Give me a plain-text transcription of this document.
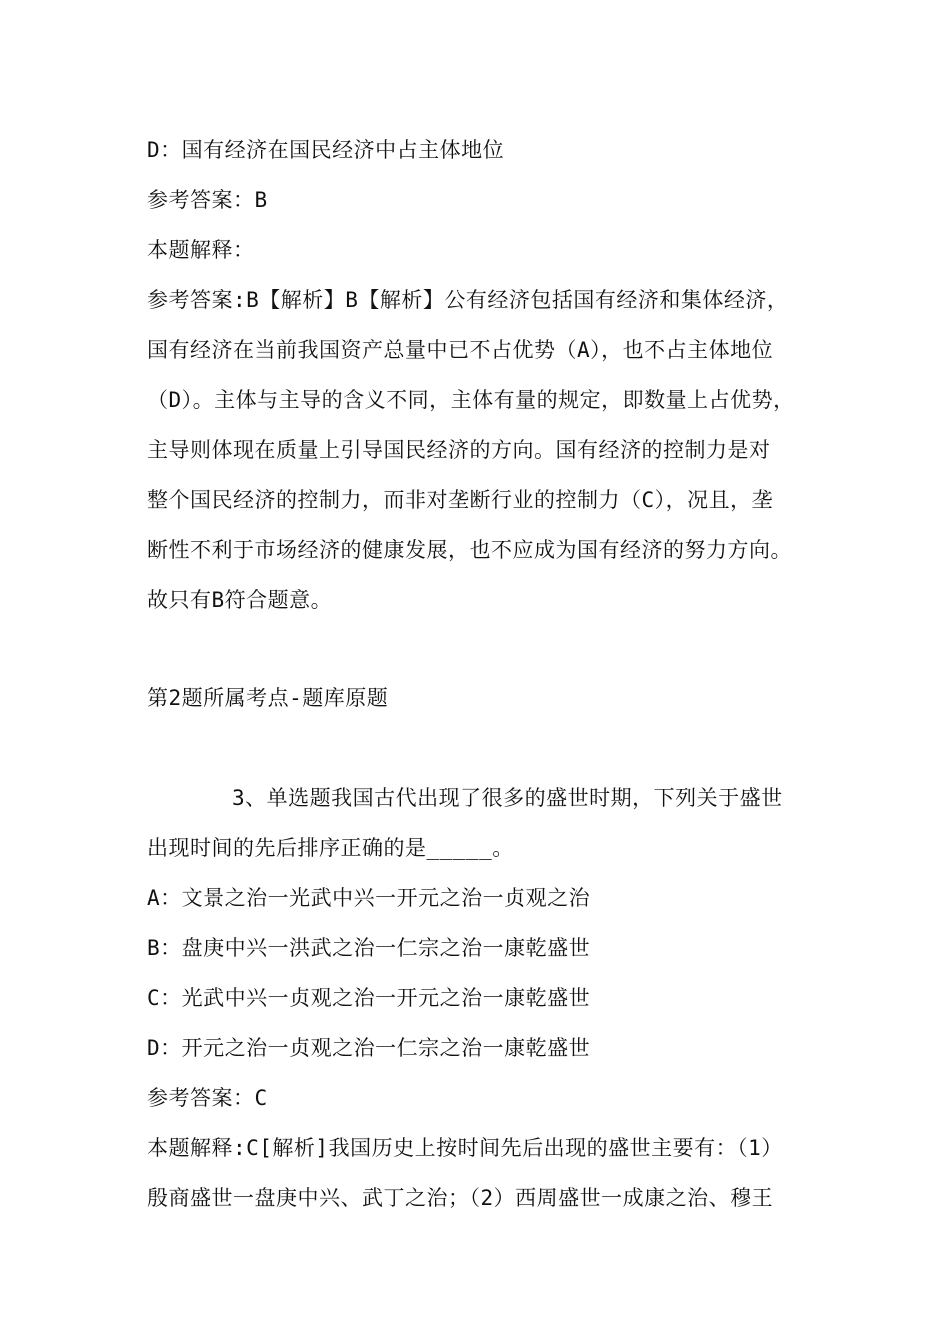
D：国有经济在国民经济中占主体地位
参考答案：B
本题解释：
参考答案:B【解析】B【解析】公有经济包括国有经济和集体经济，
国有经济在当前我国资产总量中已不占优势（A），也不占主体地位
（D）。主体与主导的含义不同，主体有量的规定，即数量上占优势，
主导则体现在质量上引导国民经济的方向。国有经济的控制力是对
整个国民经济的控制力，而非对垄断行业的控制力（C），况且，垄
断性不利于市场经济的健康发展，也不应成为国有经济的努力方向。
故只有B符合题意。
第2题所属考点-题库原题
3、单选题我国古代出现了很多的盛世时期，下列关于盛世
出现时间的先后排序正确的是_____。
A：文景之治一光武中兴一开元之治一贞观之治
B：盘庚中兴一洪武之治一仁宗之治一康乾盛世
C：光武中兴一贞观之治一开元之治一康乾盛世
D：开元之治一贞观之治一仁宗之治一康乾盛世
参考答案：C
本题解释:C[解析]我国历史上按时间先后出现的盛世主要有：（1）
殷商盛世一盘庚中兴、武丁之治；（2）西周盛世一成康之治、穆王
